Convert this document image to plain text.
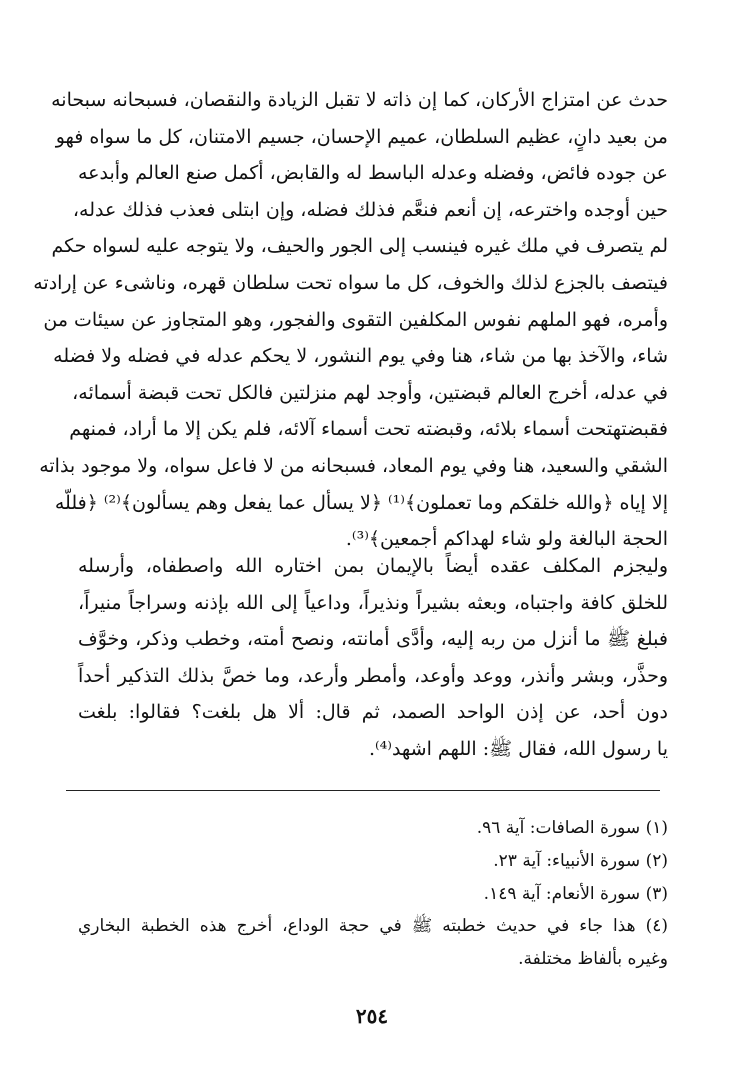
حدث عن امتزاج الأركان، كما إن ذاته لا تقبل الزيادة والنقصان، فسبحانه سبحانه
من بعيد دانٍ، عظيم السلطان، عميم الإحسان، جسيم الامتنان، كل ما سواه فهو
عن جوده فائض، وفضله وعدله الباسط له والقابض، أكمل صنع العالم وأبدعه
حين أوجده واخترعه، إن أنعم فنعَّم فذلك فضله، وإن ابتلى فعذب فذلك عدله،
لم يتصرف في ملك غيره فينسب إلى الجور والحيف، ولا يتوجه عليه لسواه حكم
فيتصف بالجزع لذلك والخوف، كل ما سواه تحت سلطان قهره، وناشىء عن إرادته
وأمره، فهو الملهم نفوس المكلفين التقوى والفجور، وهو المتجاوز عن سيئات من
شاء، والآخذ بها من شاء، هنا وفي يوم النشور، لا يحكم عدله في فضله ولا فضله
في عدله، أخرج العالم قبضتين، وأوجد لهم منزلتين فالكل تحت قبضة أسمائه،
فقبضتهتحت أسماء بلائه، وقبضته تحت أسماء آلائه، فلم يكن إلا ما أراد، فمنهم
الشقي والسعيد، هنا وفي يوم المعاد، فسبحانه من لا فاعل سواه، ولا موجود بذاته
إلا إياه ﴿والله خلقكم وما تعملون﴾⁽¹⁾ ﴿لا يسأل عما يفعل وهم يسألون﴾⁽²⁾ ﴿فللّه
الحجة البالغة ولو شاء لهداكم أجمعين﴾⁽³⁾.
وليجزم المكلف عقده أيضاً بالإيمان بمن اختاره الله واصطفاه، وأرسله
للخلق كافة واجتباه، وبعثه بشيراً ونذيراً، وداعياً إلى الله بإذنه وسراجاً منيراً،
فبلغ ﷺ ما أنزل من ربه إليه، وأدَّى أمانته، ونصح أمته، وخطب وذكر، وخوَّف
وحذَّر، وبشر وأنذر، ووعد وأوعد، وأمطر وأرعد، وما خصَّ بذلك التذكير أحداً
دون أحد، عن إذن الواحد الصمد، ثم قال: ألا هل بلغت؟ فقالوا: بلغت
يا رسول الله، فقال ﷺ: اللهم اشهد⁽⁴⁾.
(١) سورة الصافات: آية ٩٦.
(٢) سورة الأنبياء: آية ٢٣.
(٣) سورة الأنعام: آية ١٤٩.
(٤) هذا جاء في حديث خطبته ﷺ في حجة الوداع، أخرج هذه الخطبة البخاري
وغيره بألفاظ مختلفة.
٢٥٤
